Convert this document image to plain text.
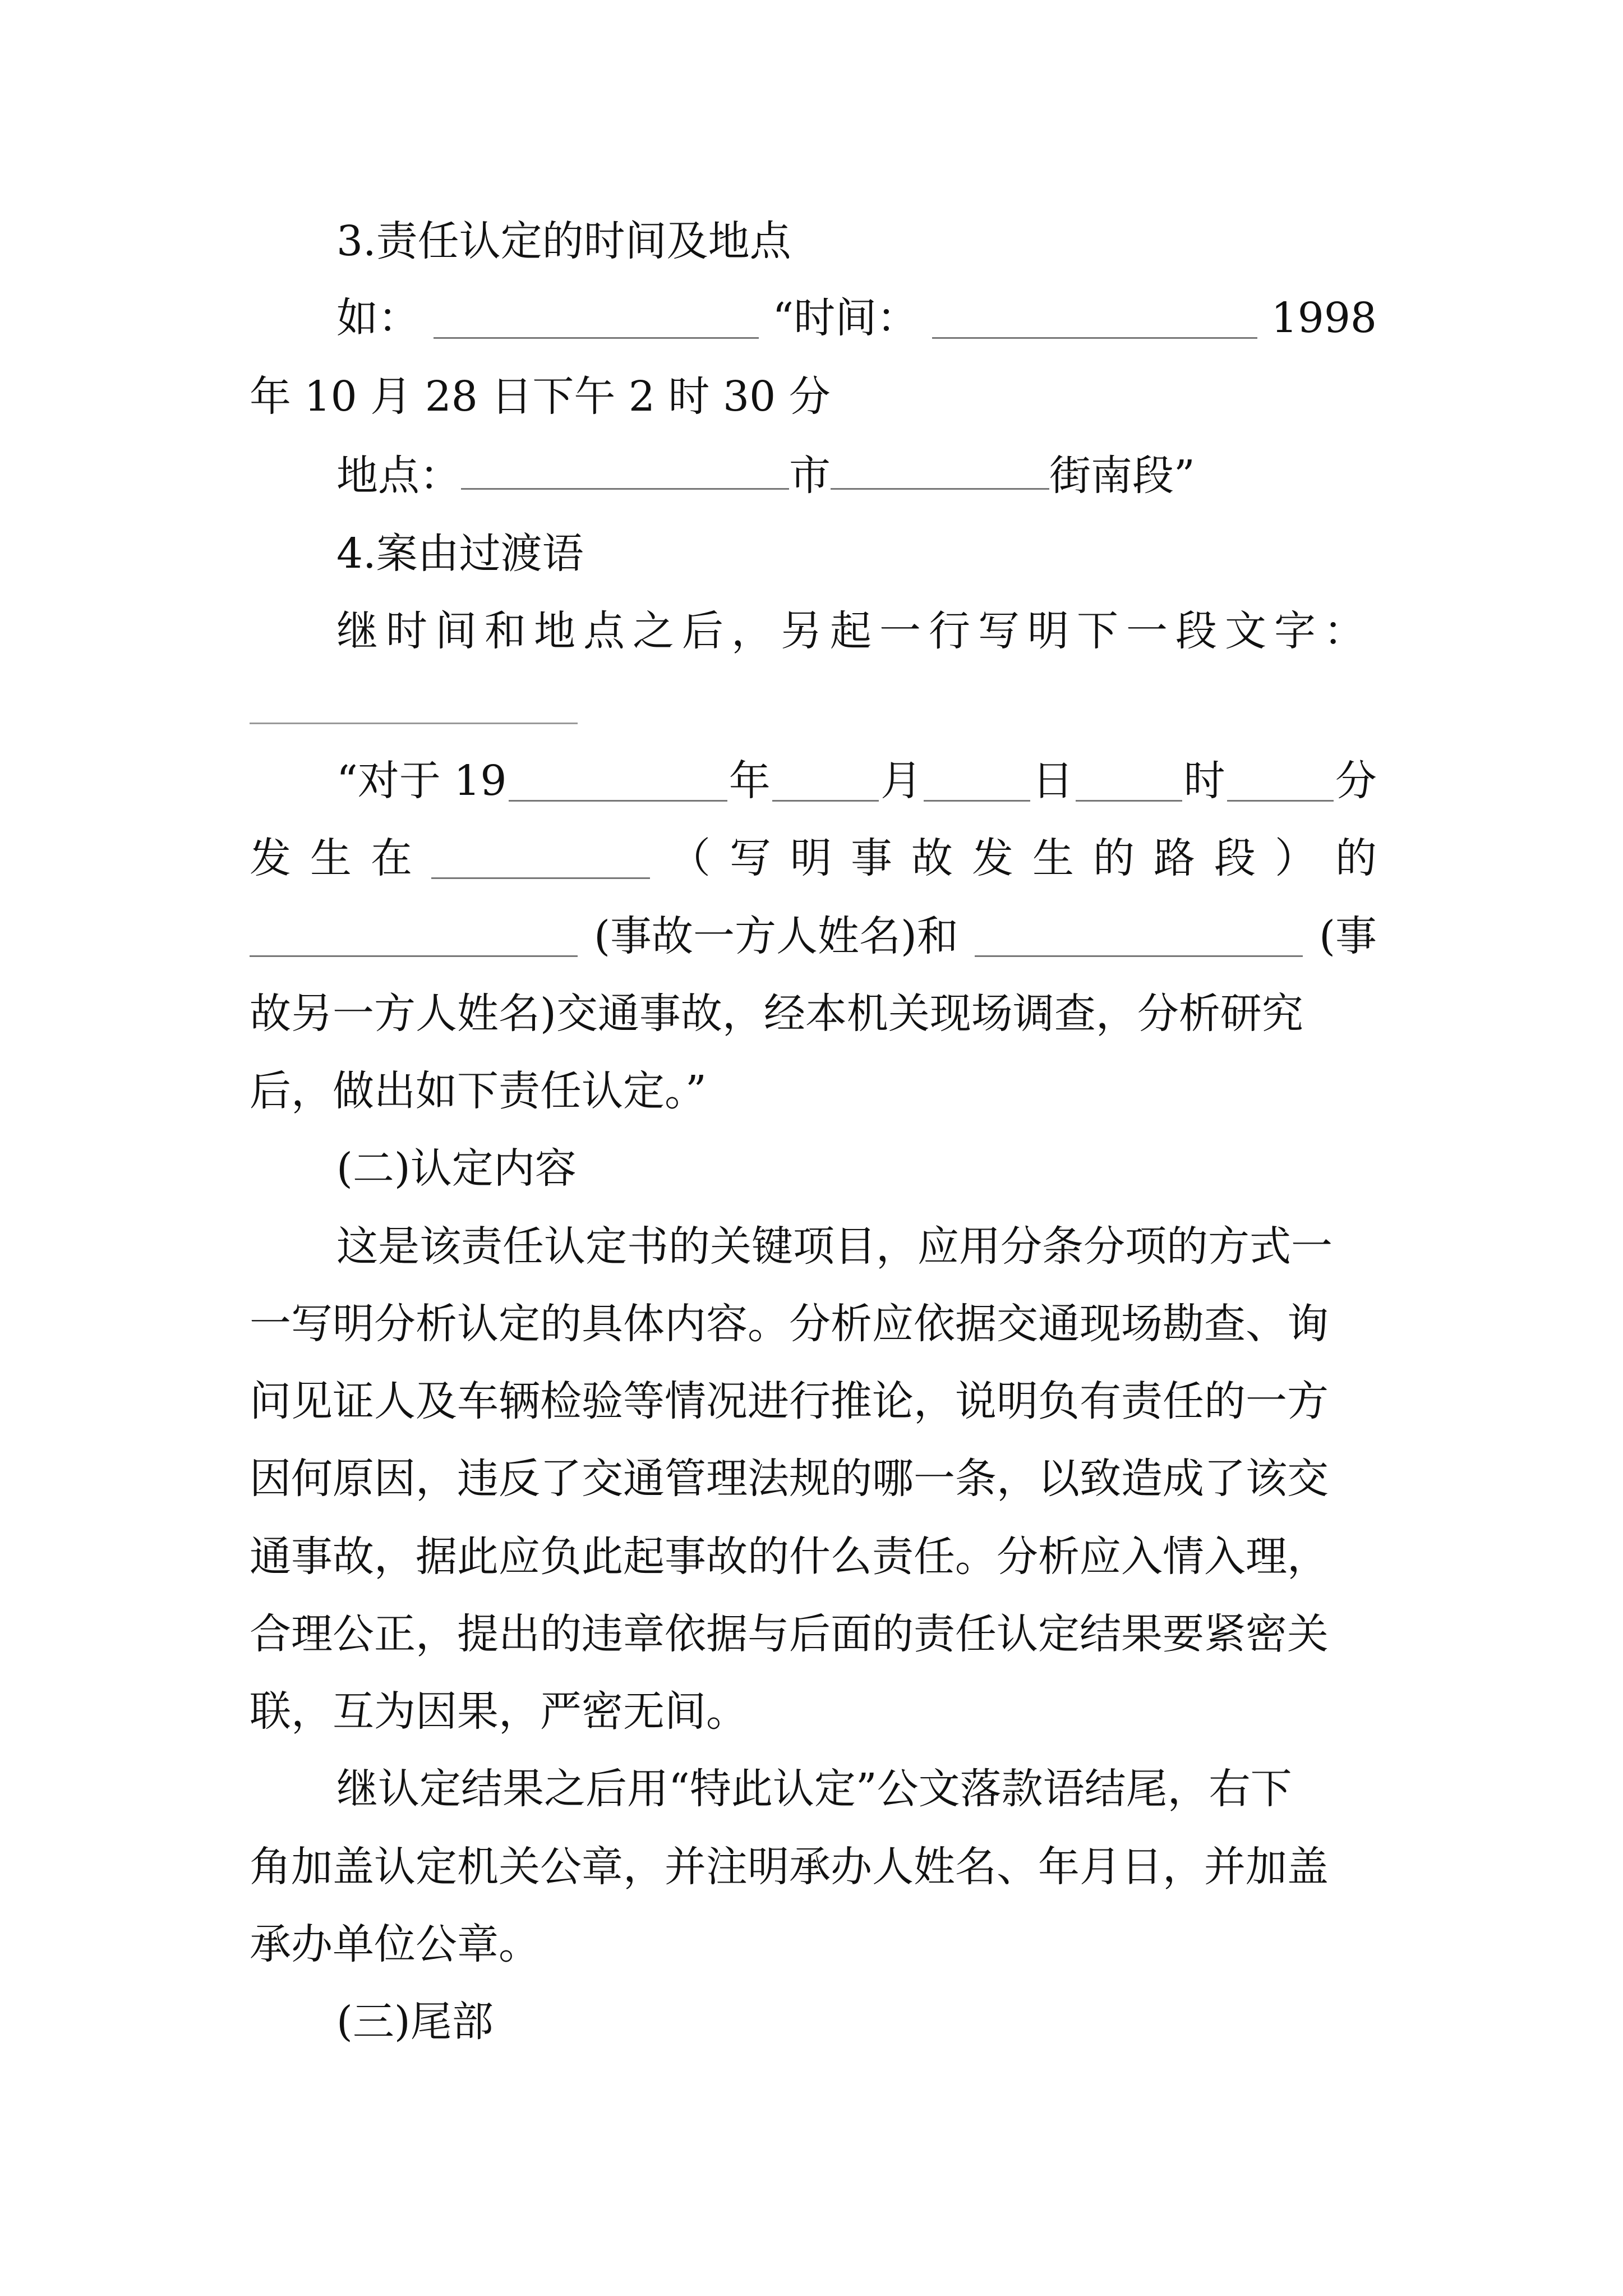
3.责任认定的时间及地点
如：	“时间：	1998
年 10 月 28 日下午 2 时 30 分
地点：	市	街南段”
4.案由过渡语
继时间和地点之后，另起一行写明下一段文字：
“对于 19	年	月	日	时	分
发 生 在	（ 写 明 事 故 发 生 的 路 段 ） 的
(事故一方人姓名)和	(事
故另一方人姓名)交通事故，经本机关现场调查，分析研究
后，做出如下责任认定。”
(二)认定内容
这是该责任认定书的关键项目，应用分条分项的方式一
一写明分析认定的具体内容。分析应依据交通现场勘查、询
问见证人及车辆检验等情况进行推论，说明负有责任的一方
因何原因，违反了交通管理法规的哪一条，以致造成了该交
通事故，据此应负此起事故的什么责任。分析应入情入理，
合理公正，提出的违章依据与后面的责任认定结果要紧密关
联，互为因果，严密无间。
继认定结果之后用“特此认定”公文落款语结尾，右下
角加盖认定机关公章，并注明承办人姓名、年月日，并加盖
承办单位公章。
(三)尾部
